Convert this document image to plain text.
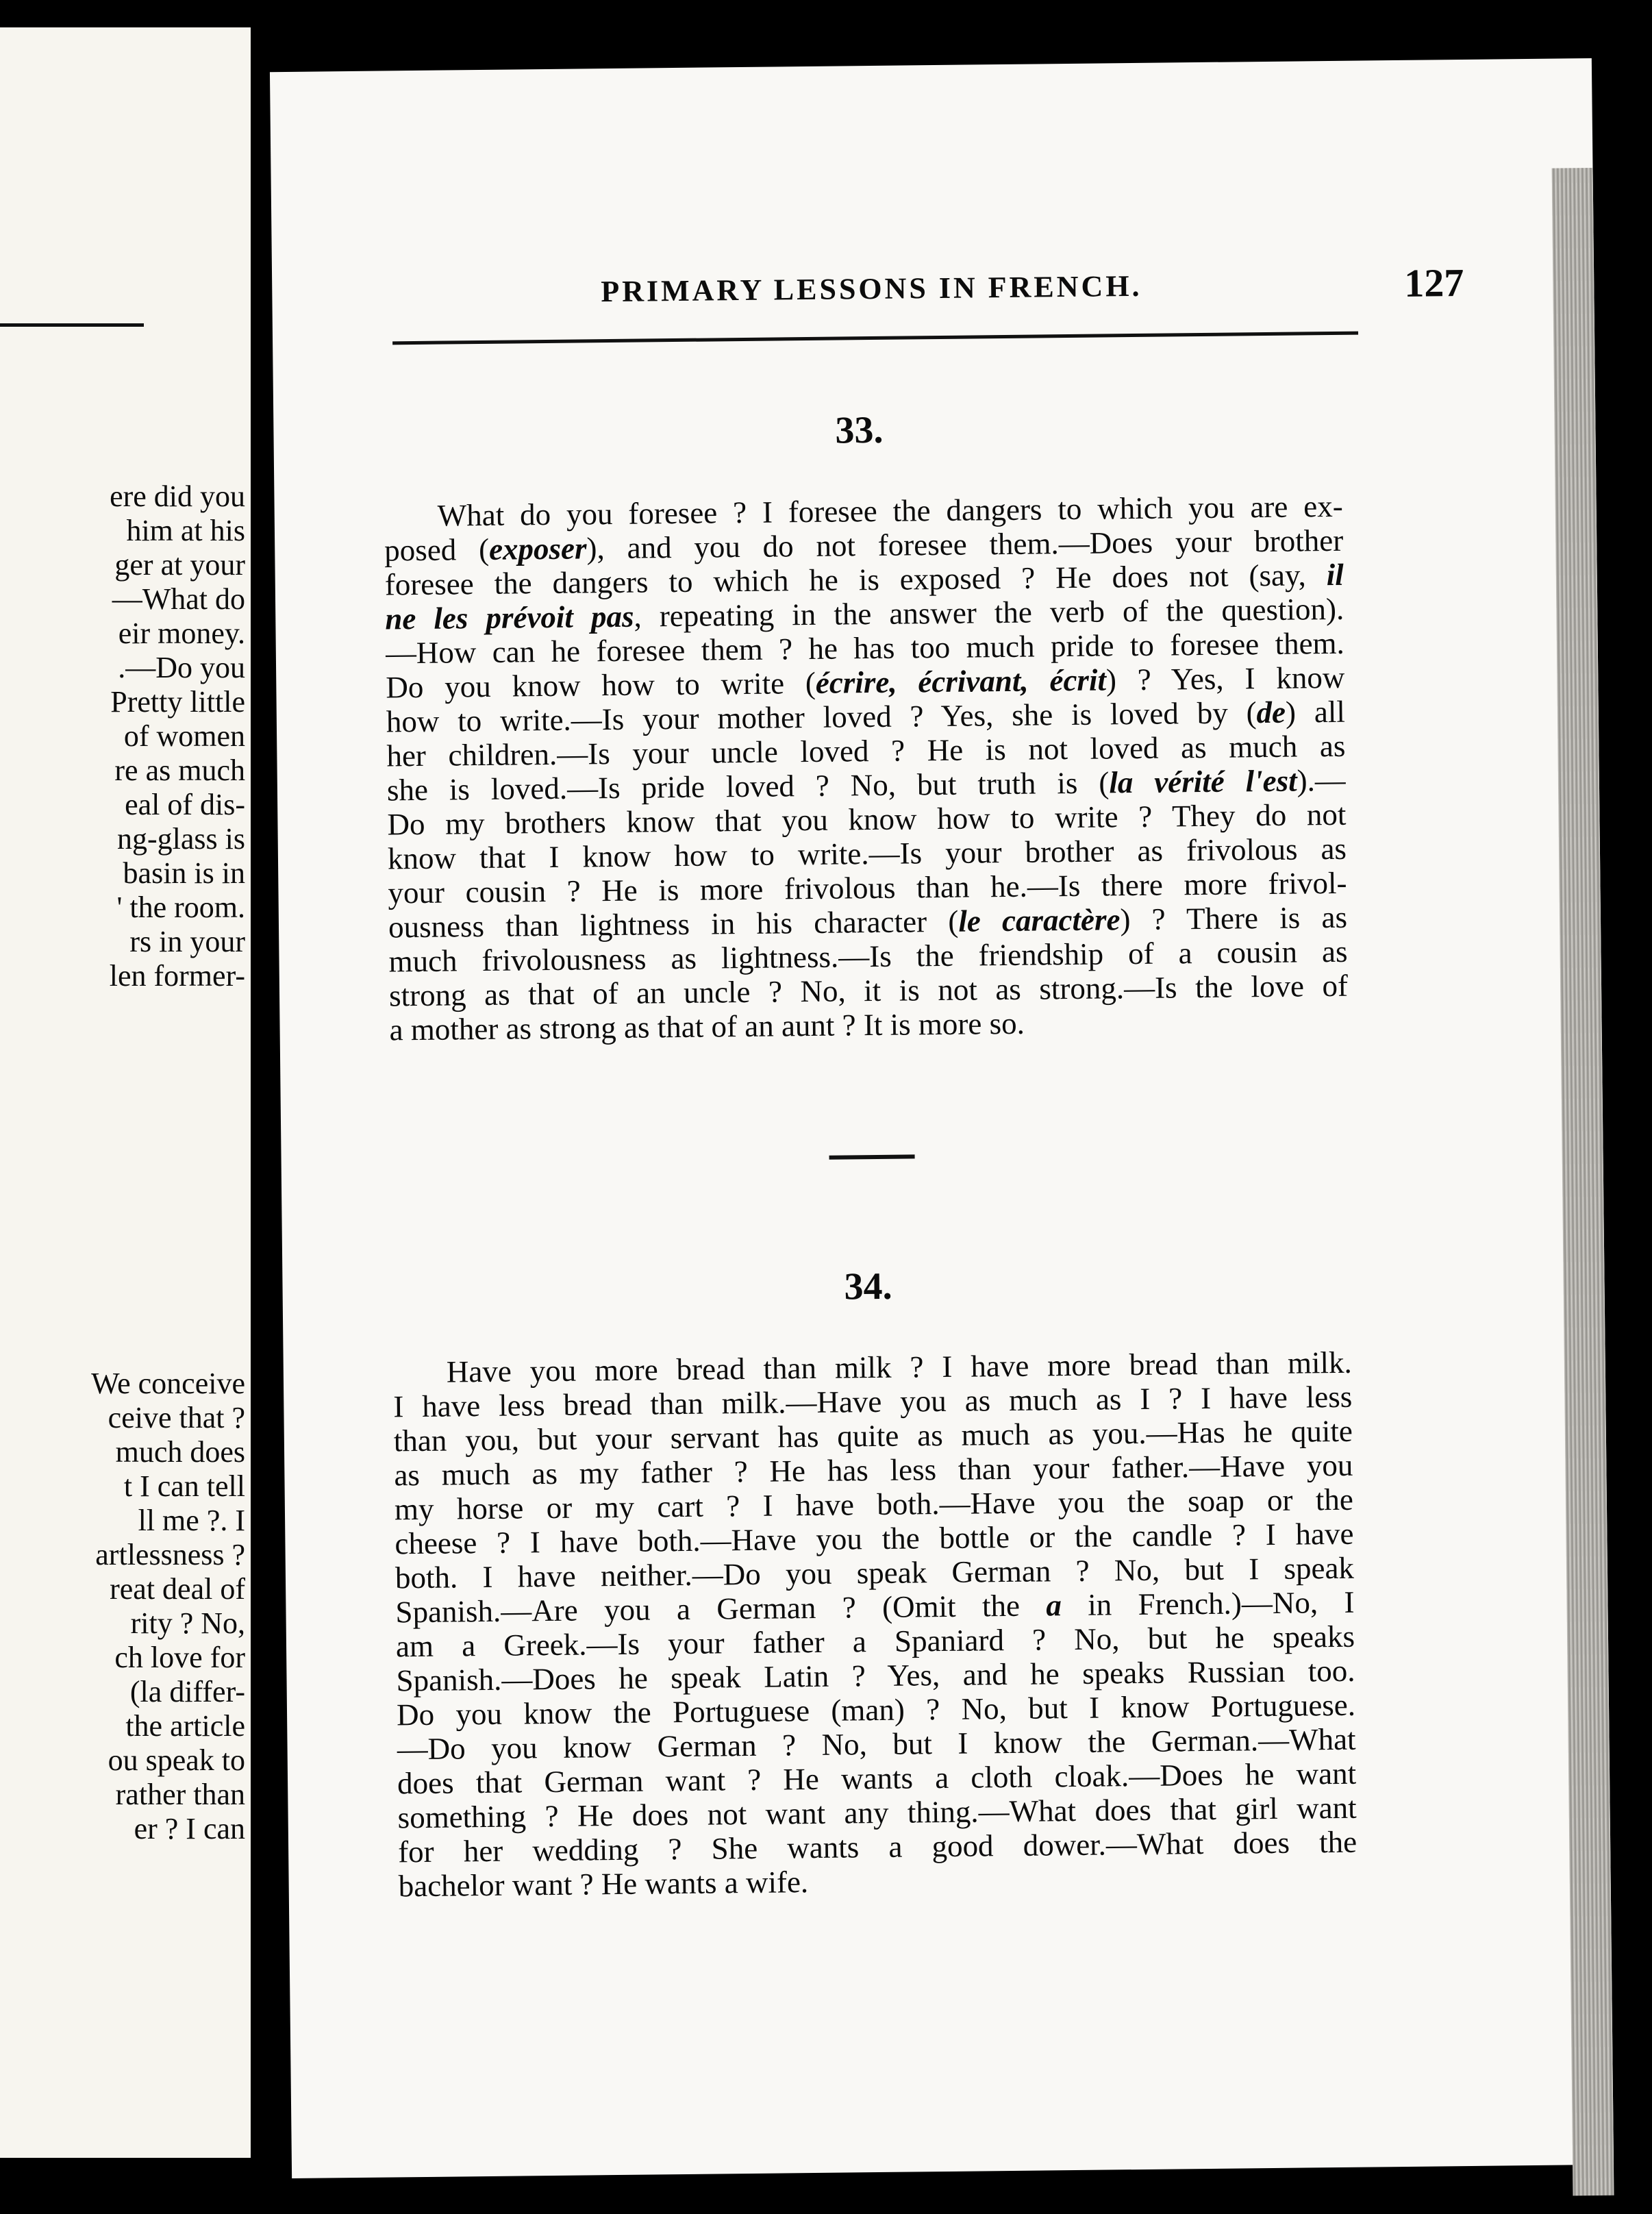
ere did you
him at his
ger at your
—What do
eir money.
.—Do you
Pretty little
of women
re as much
eal of dis-
ng-glass is
basin is in
' the room.
rs in your
len former-
We conceive
ceive that ?
much does
t I can tell
ll me ?. I
artlessness ?
reat deal of
rity ? No,
ch love for
(la differ-
the article
ou speak to
rather than
er ? I can
PRIMARY LESSONS IN FRENCH.	127
33.
What do you foresee ? I foresee the dangers to which you are ex-
posed (exposer), and you do not foresee them.—Does your brother
foresee the dangers to which he is exposed ? He does not (say, il
ne les prévoit pas, repeating in the answer the verb of the question).
—How can he foresee them ? he has too much pride to foresee them.
Do you know how to write (écrire, écrivant, écrit) ? Yes, I know
how to write.—Is your mother loved ? Yes, she is loved by (de) all
her children.—Is your uncle loved ? He is not loved as much as
she is loved.—Is pride loved ? No, but truth is (la vérité l'est).—
Do my brothers know that you know how to write ? They do not
know that I know how to write.—Is your brother as frivolous as
your cousin ? He is more frivolous than he.—Is there more frivol-
ousness than lightness in his character (le caractère) ? There is as
much frivolousness as lightness.—Is the friendship of a cousin as
strong as that of an uncle ? No, it is not as strong.—Is the love of
a mother as strong as that of an aunt ? It is more so.
34.
Have you more bread than milk ? I have more bread than milk.
I have less bread than milk.—Have you as much as I ? I have less
than you, but your servant has quite as much as you.—Has he quite
as much as my father ? He has less than your father.—Have you
my horse or my cart ? I have both.—Have you the soap or the
cheese ? I have both.—Have you the bottle or the candle ? I have
both. I have neither.—Do you speak German ? No, but I speak
Spanish.—Are you a German ? (Omit the a in French.)—No, I
am a Greek.—Is your father a Spaniard ? No, but he speaks
Spanish.—Does he speak Latin ? Yes, and he speaks Russian too.
Do you know the Portuguese (man) ? No, but I know Portuguese.
—Do you know German ? No, but I know the German.—What
does that German want ? He wants a cloth cloak.—Does he want
something ? He does not want any thing.—What does that girl want
for her wedding ? She wants a good dower.—What does the
bachelor want ? He wants a wife.
